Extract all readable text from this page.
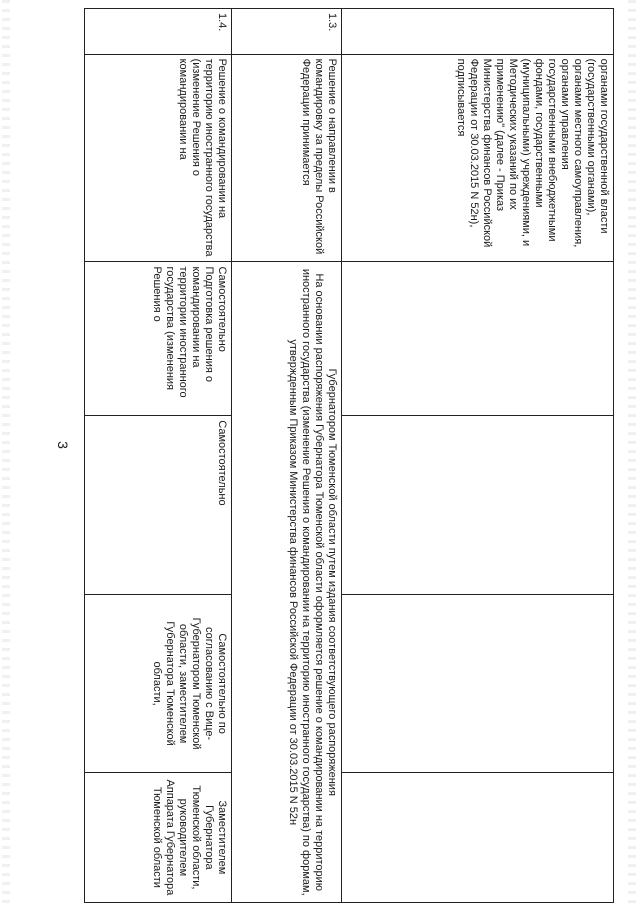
3
	органами государственной власти (государственными органами), органами местного самоуправления, органами управления государственными внебюджетными фондами, государственными (муниципальными) учреждениями, и Методических указаний по их применению" (далее - Приказ Министерства финансов Российской Федерации от 30.03.2015 N 52н), подписывается				
1.3.	Решение о направлении в командировку за пределы Российской Федерации принимается	Губернатором Тюменской области путем издания соответствующего распоряжения
На основании распоряжения Губернатора Тюменской области оформляется решение о командировании на территорию иностранного государства (изменение Решения о командировании на территорию иностранного государства) по формам, утвержденным Приказом Министерства финансов Российской Федерации от 30.03.2015 N 52н			

1.4.	Решение о командировании на территорию иностранного государства (изменение Решения о командировании на	Самостоятельно Подготовка решения о командировании на территории иностранного государства (изменения Решения о	Самостоятельно	Самостоятельно по согласованию с Вице-Губернатором Тюменской области, заместителем Губернатора Тюменской области,	Заместителем Губернатора Тюменской области, руководителем Аппарата Губернатора Тюменской области
